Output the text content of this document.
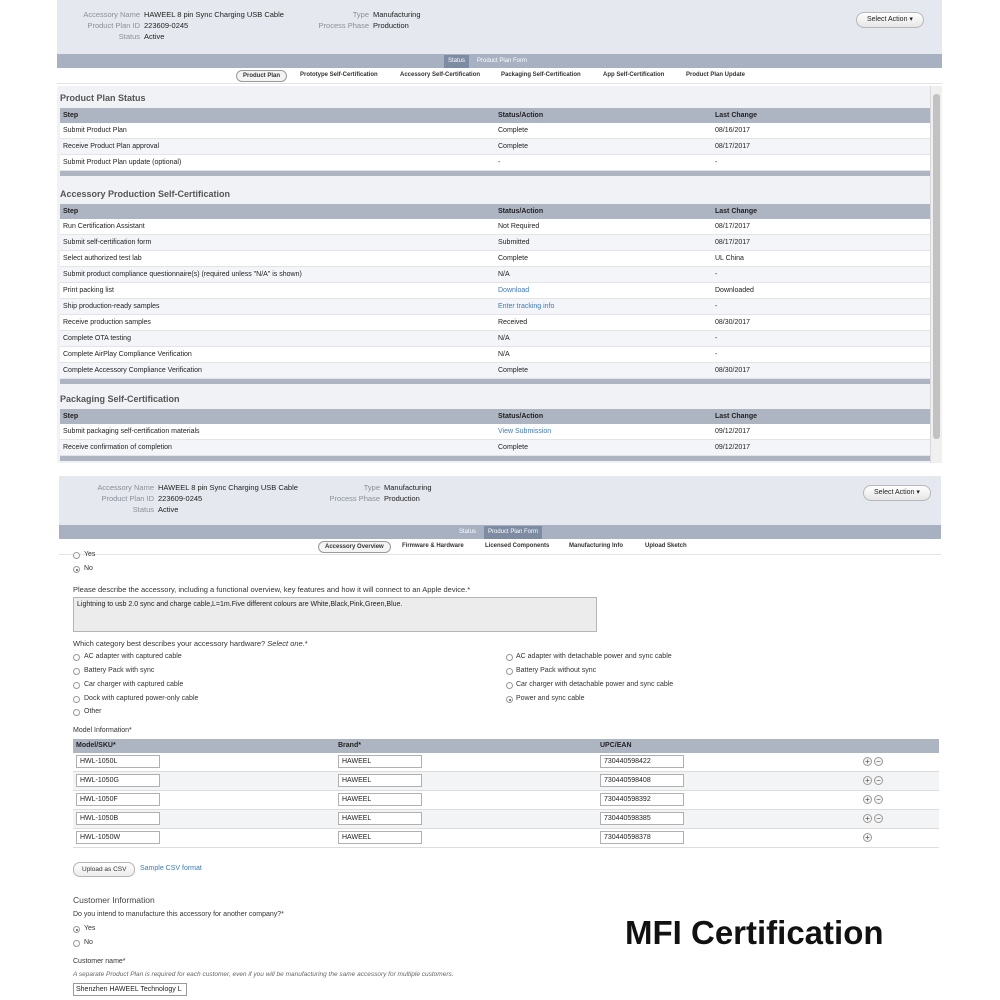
Accessory Name HAWEEL 8 pin Sync Charging USB Cable
Product Plan ID 223609-0245
Status Active
Type Manufacturing
Process Phase Production
Select Action ▾
Status	Product Plan Form
Product Plan	Prototype Self-Certification	Accessory Self-Certification	Packaging Self-Certification	App Self-Certification	Product Plan Update
Product Plan Status
Step	Status/Action	Last Change
Submit Product Plan	Complete	08/16/2017
Receive Product Plan approval	Complete	08/17/2017
Submit Product Plan update (optional)	-	-
Accessory Production Self-Certification
Step	Status/Action	Last Change
Run Certification Assistant	Not Required	08/17/2017
Submit self-certification form	Submitted	08/17/2017
Select authorized test lab	Complete	UL China
Submit product compliance questionnaire(s) (required unless "N/A" is shown)	N/A	-
Print packing list	Download	Downloaded
Ship production-ready samples	Enter tracking info	-
Receive production samples	Received	08/30/2017
Complete OTA testing	N/A	-
Complete AirPlay Compliance Verification	N/A	-
Complete Accessory Compliance Verification	Complete	08/30/2017
Packaging Self-Certification
Step	Status/Action	Last Change
Submit packaging self-certification materials	View Submission	09/12/2017
Receive confirmation of completion	Complete	09/12/2017
Accessory Name HAWEEL 8 pin Sync Charging USB Cable
Product Plan ID 223609-0245
Status Active
Type Manufacturing
Process Phase Production
Select Action ▾
Status	Product Plan Form
Accessory Overview	Firmware & Hardware	Licensed Components	Manufacturing Info	Upload Sketch
Yes
No
Please describe the accessory, including a functional overview, key features and how it will connect to an Apple device.*
Lightning to usb 2.0 sync and charge cable,L=1m.Five different colours are White,Black,Pink,Green,Blue.
Which category best describes your accessory hardware? Select one.*
AC adapter with captured cable
Battery Pack with sync
Car charger with captured cable
Dock with captured power-only cable
Other
AC adapter with detachable power and sync cable
Battery Pack without sync
Car charger with detachable power and sync cable
Power and sync cable
Model Information*
Model/SKU*	Brand*	UPC/EAN
HWL-1050L	HAWEEL	730440598422	+ −
HWL-1050G	HAWEEL	730440598408	+ −
HWL-1050F	HAWEEL	730440598392	+ −
HWL-1050B	HAWEEL	730440598385	+ −
HWL-1050W	HAWEEL	730440598378	+
Upload as CSV	Sample CSV format
Customer Information
Do you intend to manufacture this accessory for another company?*
Yes
No
Customer name*
A separate Product Plan is required for each customer, even if you will be manufacturing the same accessory for multiple customers.
Shenzhen HAWEEL Technology L
MFI Certification
